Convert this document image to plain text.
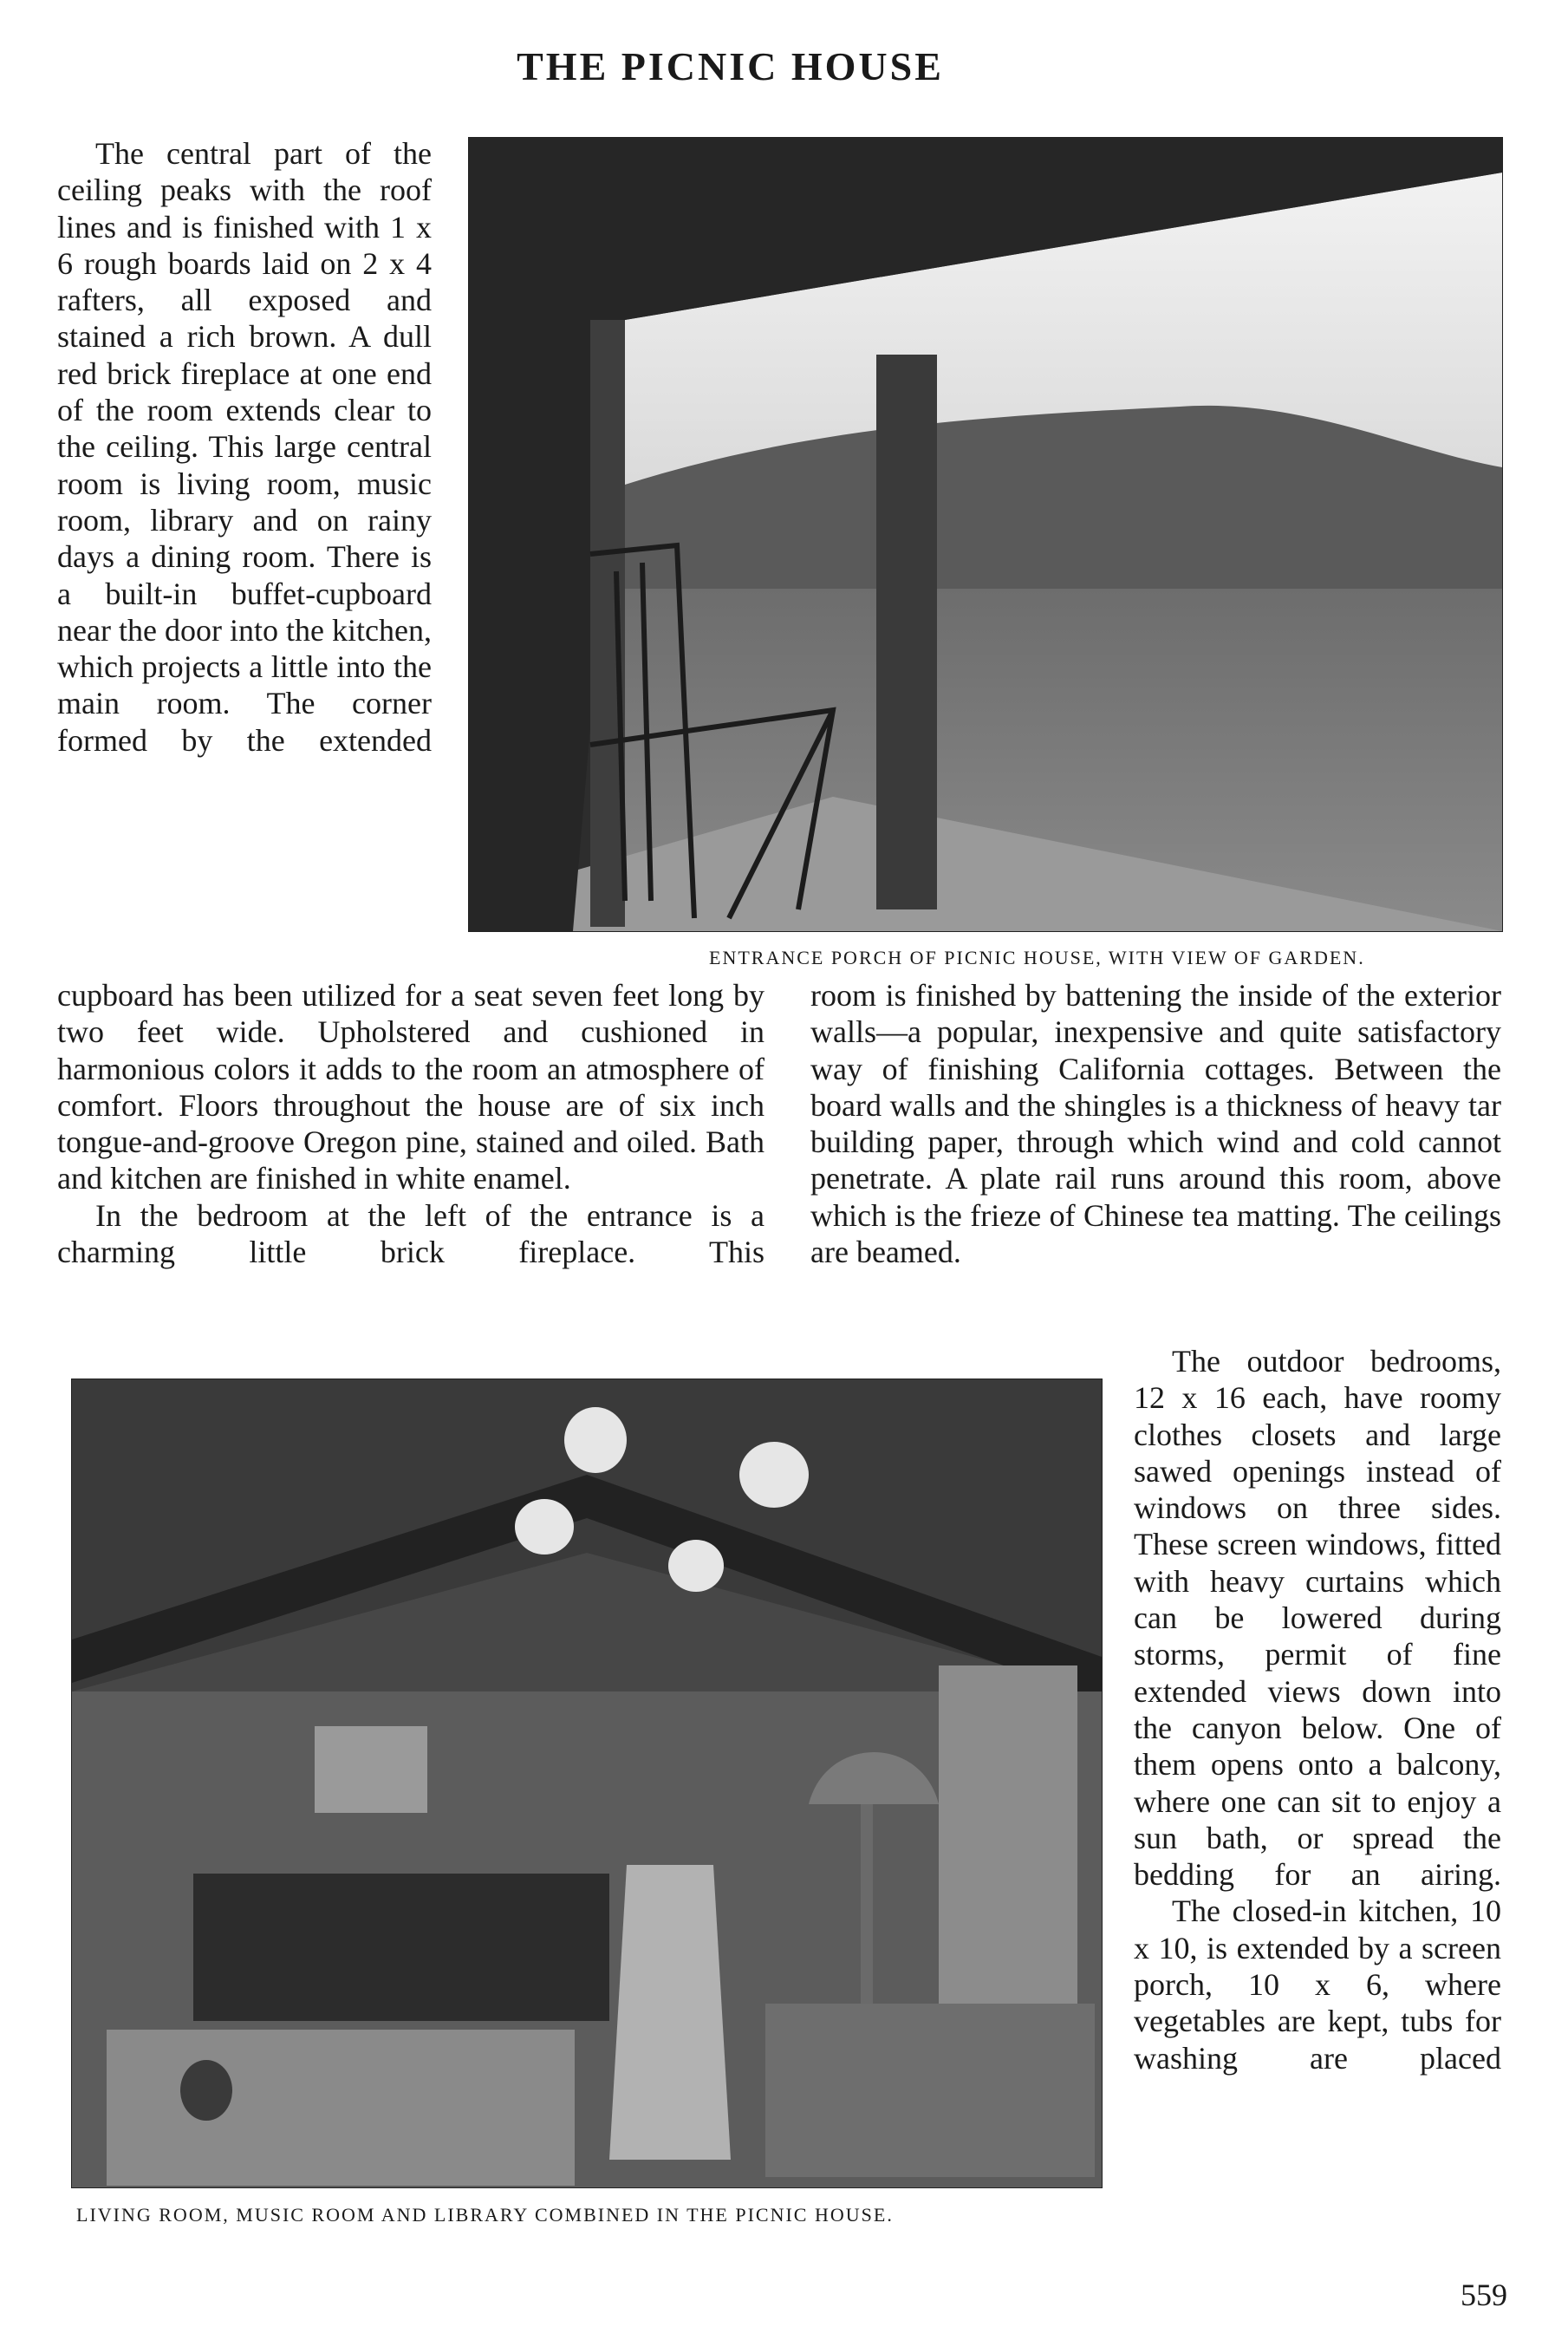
THE PICNIC HOUSE

The central part of the ceiling peaks with the roof lines and is finished with 1 x 6 rough boards laid on 2 x 4 rafters, all exposed and stained a rich brown. A dull red brick fireplace at one end of the room extends clear to the ceiling. This large central room is living room, music room, library and on rainy days a dining room. There is a built-in buffet-cupboard near the door into the kitchen, which projects a little into the main room. The corner formed by the extended

ENTRANCE PORCH OF PICNIC HOUSE, WITH VIEW OF GARDEN.

cupboard has been utilized for a seat seven feet long by two feet wide. Upholstered and cushioned in harmonious colors it adds to the room an atmosphere of comfort. Floors throughout the house are of six inch tongue-and-groove Oregon pine, stained and oiled. Bath and kitchen are finished in white enamel.

In the bedroom at the left of the entrance is a charming little brick fireplace. This

room is finished by battening the inside of the exterior walls—a popular, inexpensive and quite satisfactory way of finishing California cottages. Between the board walls and the shingles is a thickness of heavy tar building paper, through which wind and cold cannot penetrate. A plate rail runs around this room, above which is the frieze of Chinese tea matting. The ceilings are beamed.

LIVING ROOM, MUSIC ROOM AND LIBRARY COMBINED IN THE PICNIC HOUSE.

The outdoor bedrooms, 12 x 16 each, have roomy clothes closets and large sawed openings instead of windows on three sides. These screen windows, fitted with heavy curtains which can be lowered during storms, permit of fine extended views down into the canyon below. One of them opens onto a balcony, where one can sit to enjoy a sun bath, or spread the bedding for an airing.

The closed-in kitchen, 10 x 10, is extended by a screen porch, 10 x 6, where vegetables are kept, tubs for washing are placed

559
